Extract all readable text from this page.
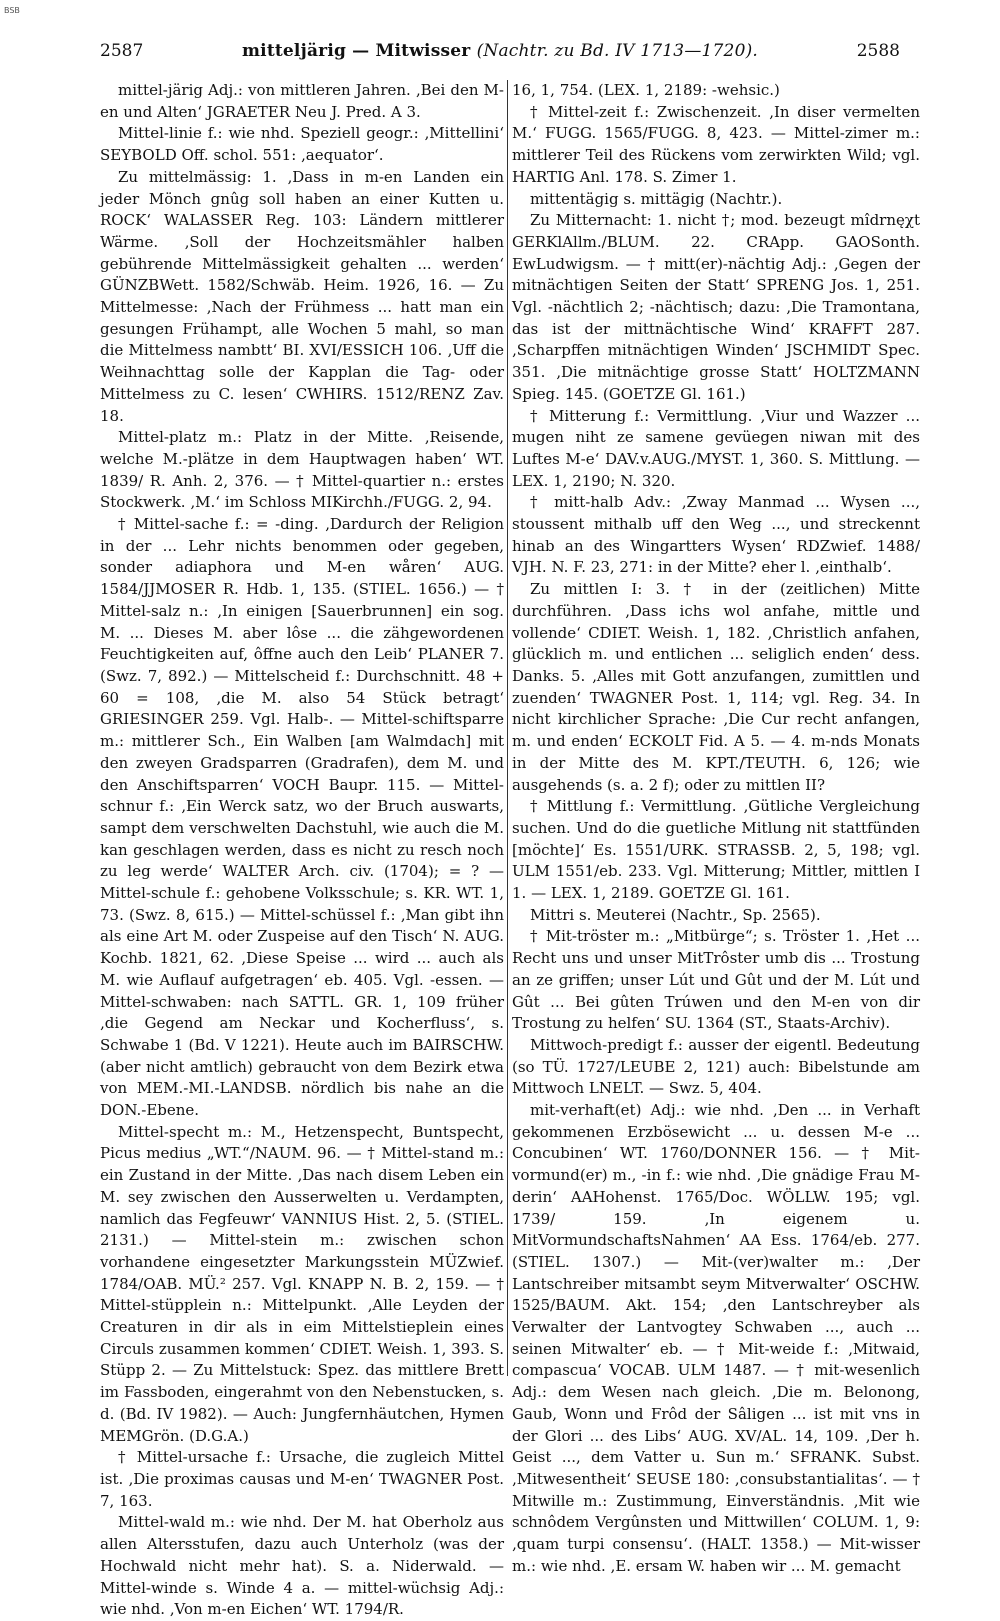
BSB
2587	mitteljärig — Mitwisser (Nachtr. zu Bd. IV 1713—1720).	2588

mittel-järig Adj.: von mittleren Jahren. ‚Bei den M-en und Alten‘ JGRAETER Neu J. Pred. A 3.

Mittel-linie f.: wie nhd. Speziell geogr.: ‚Mittellini‘ SEYBOLD Off. schol. 551: ‚aequator‘.

Zu mittelmässig: 1. ‚Dass in m-en Landen ein jeder Mönch gnûg soll haben an einer Kutten u. ROCK‘ WALASSER Reg. 103: Ländern mittlerer Wärme. ‚Soll der Hochzeitsmähler halben gebührende Mittelmässigkeit gehalten ... werden‘ GÜNZBWett. 1582/Schwäb. Heim. 1926, 16. — Zu Mittelmesse: ‚Nach der Frühmess ... hatt man ein gesungen Frühampt, alle Wochen 5 mahl, so man die Mittelmess nambtt‘ BI. XVI/ESSICH 106. ‚Uff die Weihnachttag solle der Kapplan die Tag- oder Mittelmess zu C. lesen‘ CWHIRS. 1512/RENZ Zav. 18.

Mittel-platz m.: Platz in der Mitte. ‚Reisende, welche M.-plätze in dem Hauptwagen haben‘ WT. 1839/ R. Anh. 2, 376. — † Mittel-quartier n.: erstes Stockwerk. ‚M.‘ im Schloss MIKirchh./FUGG. 2, 94.

† Mittel-sache f.: = -ding. ‚Dardurch der Religion in der ... Lehr nichts benommen oder gegeben, sonder adiaphora und M-en wåren‘ AUG. 1584/JJMOSER R. Hdb. 1, 135. (STIEL. 1656.) — † Mittel-salz n.: ‚In einigen [Sauerbrunnen] ein sog. M. ... Dieses M. aber lôse ... die zähgewordenen Feuchtigkeiten auf, ôffne auch den Leib‘ PLANER 7. (Swz. 7, 892.) — Mittelscheid f.: Durchschnitt. 48 + 60 = 108, ‚die M. also 54 Stück betragt‘ GRIESINGER 259. Vgl. Halb-. — Mittel-schiftsparre m.: mittlerer Sch., Ein Walben [am Walmdach] mit den zweyen Gradsparren (Gradrafen), dem M. und den Anschiftsparren‘ VOCH Baupr. 115. — Mittel-schnur f.: ‚Ein Werck satz, wo der Bruch auswarts, sampt dem verschwelten Dachstuhl, wie auch die M. kan geschlagen werden, dass es nicht zu resch noch zu leg werde‘ WALTER Arch. civ. (1704); = ? — Mittel-schule f.: gehobene Volksschule; s. KR. WT. 1, 73. (Swz. 8, 615.) — Mittel-schüssel f.: ‚Man gibt ihn als eine Art M. oder Zuspeise auf den Tisch‘ N. AUG. Kochb. 1821, 62. ‚Diese Speise ... wird ... auch als M. wie Auflauf aufgetragen‘ eb. 405. Vgl. -essen. — Mittel-schwaben: nach SATTL. GR. 1, 109 früher ‚die Gegend am Neckar und Kocherfluss‘, s. Schwabe 1 (Bd. V 1221). Heute auch im BAIRSCHW. (aber nicht amtlich) gebraucht von dem Bezirk etwa von MEM.-MI.-LANDSB. nördlich bis nahe an die DON.-Ebene.

Mittel-specht m.: M., Hetzenspecht, Buntspecht, Picus medius „WT.“/NAUM. 96. — † Mittel-stand m.: ein Zustand in der Mitte. ‚Das nach disem Leben ein M. sey zwischen den Ausserwelten u. Verdampten, namlich das Fegfeuwr‘ VANNIUS Hist. 2, 5. (STIEL. 2131.) — Mittel-stein m.: zwischen schon vorhandene eingesetzter Markungsstein MÜZwief. 1784/OAB. MÜ.² 257. Vgl. KNAPP N. B. 2, 159. — † Mittel-stüpplein n.: Mittelpunkt. ‚Alle Leyden der Creaturen in dir als in eim Mittelstieplein eines Circuls zusammen kommen‘ CDIET. Weish. 1, 393. S. Stüpp 2. — Zu Mittelstuck: Spez. das mittlere Brett im Fassboden, eingerahmt von den Nebenstucken, s. d. (Bd. IV 1982). — Auch: Jungfernhäutchen, Hymen MEMGrön. (D.G.A.)

† Mittel-ursache f.: Ursache, die zugleich Mittel ist. ‚Die proximas causas und M-en‘ TWAGNER Post. 7, 163.

Mittel-wald m.: wie nhd. Der M. hat Oberholz aus allen Altersstufen, dazu auch Unterholz (was der Hochwald nicht mehr hat). S. a. Niderwald. — Mittel-winde s. Winde 4 a. — mittel-wüchsig Adj.: wie nhd. ‚Von m-en Eichen‘ WT. 1794/R.

16, 1, 754. (LEX. 1, 2189: -wehsic.)

† Mittel-zeit f.: Zwischenzeit. ‚In diser vermelten M.‘ FUGG. 1565/FUGG. 8, 423. — Mittel-zimer m.: mittlerer Teil des Rückens vom zerwirkten Wild; vgl. HARTIG Anl. 178. S. Zimer 1.

mittentägig s. mittägig (Nachtr.).

Zu Mitternacht: 1. nicht †; mod. bezeugt mîdrnęχt GERKlAllm./BLUM. 22. CRApp. GAOSonth. EwLudwigsm. — † mitt(er)-nächtig Adj.: ‚Gegen der mitnächtigen Seiten der Statt‘ SPRENG Jos. 1, 251. Vgl. -nächtlich 2; -nächtisch; dazu: ‚Die Tramontana, das ist der mittnächtische Wind‘ KRAFFT 287. ‚Scharpffen mitnächtigen Winden‘ JSCHMIDT Spec. 351. ‚Die mitnächtige grosse Statt‘ HOLTZMANN Spieg. 145. (GOETZE Gl. 161.)

† Mitterung f.: Vermittlung. ‚Viur und Wazzer ... mugen niht ze samene gevüegen niwan mit des Luftes M-e‘ DAV.v.AUG./MYST. 1, 360. S. Mittlung. — LEX. 1, 2190; N. 320.

† mitt-halb Adv.: ‚Zway Manmad ... Wysen ..., stoussent mithalb uff den Weg ..., und streckennt hinab an des Wingartters Wysen‘ RDZwief. 1488/ VJH. N. F. 23, 271: in der Mitte? eher l. ‚einthalb‘.

Zu mittlen I: 3. † in der (zeitlichen) Mitte durchführen. ‚Dass ichs wol anfahe, mittle und vollende‘ CDIET. Weish. 1, 182. ‚Christlich anfahen, glücklich m. und entlichen ... seliglich enden‘ dess. Danks. 5. ‚Alles mit Gott anzufangen, zumittlen und zuenden‘ TWAGNER Post. 1, 114; vgl. Reg. 34. In nicht kirchlicher Sprache: ‚Die Cur recht anfangen, m. und enden‘ ECKOLT Fid. A 5. — 4. m-nds Monats in der Mitte des M. KPT./TEUTH. 6, 126; wie ausgehends (s. a. 2 f); oder zu mittlen II?

† Mittlung f.: Vermittlung. ‚Gütliche Vergleichung suchen. Und do die guetliche Mitlung nit stattfünden [möchte]‘ Es. 1551/URK. STRASSB. 2, 5, 198; vgl. ULM 1551/eb. 233. Vgl. Mitterung; Mittler, mittlen I 1. — LEX. 1, 2189. GOETZE Gl. 161.

Mittri s. Meuterei (Nachtr., Sp. 2565).

† Mit-tröster m.: „Mitbürge“; s. Tröster 1. ‚Het ... Recht uns und unser MitTrôster umb dis ... Trostung an ze griffen; unser Lút und Gût und der M. Lút und Gût ... Bei gûten Trúwen und den M-en von dir Trostung zu helfen‘ SU. 1364 (ST., Staats-Archiv).

Mittwoch-predigt f.: ausser der eigentl. Bedeutung (so TÜ. 1727/LEUBE 2, 121) auch: Bibelstunde am Mittwoch LNELT. — Swz. 5, 404.

mit-verhaft(et) Adj.: wie nhd. ‚Den ... in Verhaft gekommenen Erzbösewicht ... u. dessen M-e ... Concubinen‘ WT. 1760/DONNER 156. — † Mit-vormund(er) m., -in f.: wie nhd. ‚Die gnädige Frau M-derin‘ AAHohenst. 1765/Doc. WÖLLW. 195; vgl. 1739/ 159. ‚In eigenem u. MitVormundschaftsNahmen‘ AA Ess. 1764/eb. 277. (STIEL. 1307.) — Mit-(ver)walter m.: ‚Der Lantschreiber mitsambt seym Mitverwalter‘ OSCHW. 1525/BAUM. Akt. 154; ‚den Lantschreyber als Verwalter der Lantvogtey Schwaben ..., auch ... seinen Mitwalter‘ eb. — † Mit-weide f.: ‚Mitwaid, compascua‘ VOCAB. ULM 1487. — † mit-wesenlich Adj.: dem Wesen nach gleich. ‚Die m. Belonong, Gaub, Wonn und Frôd der Sâligen ... ist mit vns in der Glori ... des Libs‘ AUG. XV/AL. 14, 109. ‚Der h. Geist ..., dem Vatter u. Sun m.‘ SFRANK. Subst. ‚Mitwesentheit‘ SEUSE 180: ‚consubstantialitas‘. — † Mitwille m.: Zustimmung, Einverständnis. ‚Mit wie schnôdem Vergûnsten und Mittwillen‘ COLUM. 1, 9: ‚quam turpi consensu‘. (HALT. 1358.) — Mit-wisser m.: wie nhd. ‚E. ersam W. haben wir ... M. gemacht
